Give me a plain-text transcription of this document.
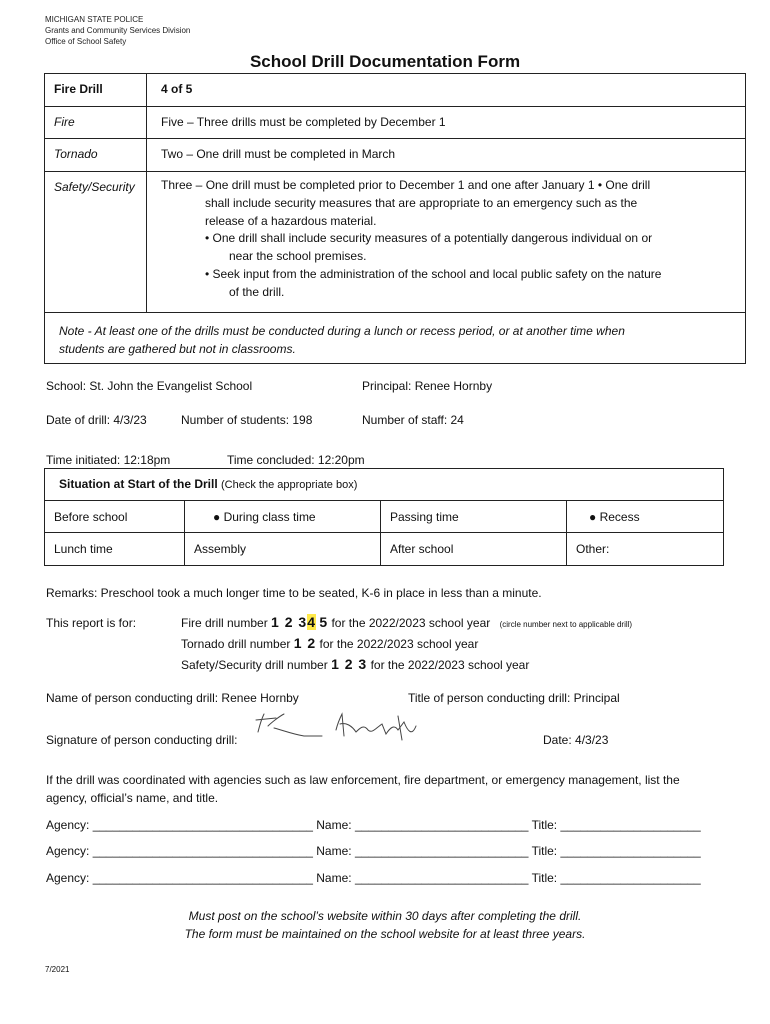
MICHIGAN STATE POLICE
Grants and Community Services Division
Office of School Safety
School Drill Documentation Form
Fire Drill	4 of 5
Fire	Five – Three drills must be completed by December 1
Tornado	Two – One drill must be completed in March
Safety/Security	Three – One drill must be completed prior to December 1 and one after January 1 • One drill
shall include security measures that are appropriate to an emergency such as the
release of a hazardous material.
• One drill shall include security measures of a potentially dangerous individual on or
near the school premises.
• Seek input from the administration of the school and local public safety on the nature
of the drill.
Note - At least one of the drills must be conducted during a lunch or recess period, or at another time when
students are gathered but not in classrooms.
School: St. John the Evangelist School	Principal: Renee Hornby
Date of drill: 4/3/23	Number of students: 198	Number of staff: 24
Time initiated: 12:18pm	Time concluded: 12:20pm
Situation at Start of the Drill (Check the appropriate box)
Before school	● During class time	Passing time	● Recess
Lunch time	Assembly	After school	Other:
Remarks: Preschool took a much longer time to be seated, K-6 in place in less than a minute.
This report is for:	Fire drill number 1 2 34 5 for the 2022/2023 school year (circle number next to applicable drill)
Tornado drill number 1 2 for the 2022/2023 school year
Safety/Security drill number 1 2 3 for the 2022/2023 school year
Name of person conducting drill: Renee Hornby	Title of person conducting drill: Principal
Signature of person conducting drill:	Date: 4/3/23
If the drill was coordinated with agencies such as law enforcement, fire department, or emergency management, list the
agency, official’s name, and title.
Agency: _________________________________ Name: __________________________ Title: _____________________
Agency: _________________________________ Name: __________________________ Title: _____________________
Agency: _________________________________ Name: __________________________ Title: _____________________
Must post on the school’s website within 30 days after completing the drill.
The form must be maintained on the school website for at least three years.
7/2021
